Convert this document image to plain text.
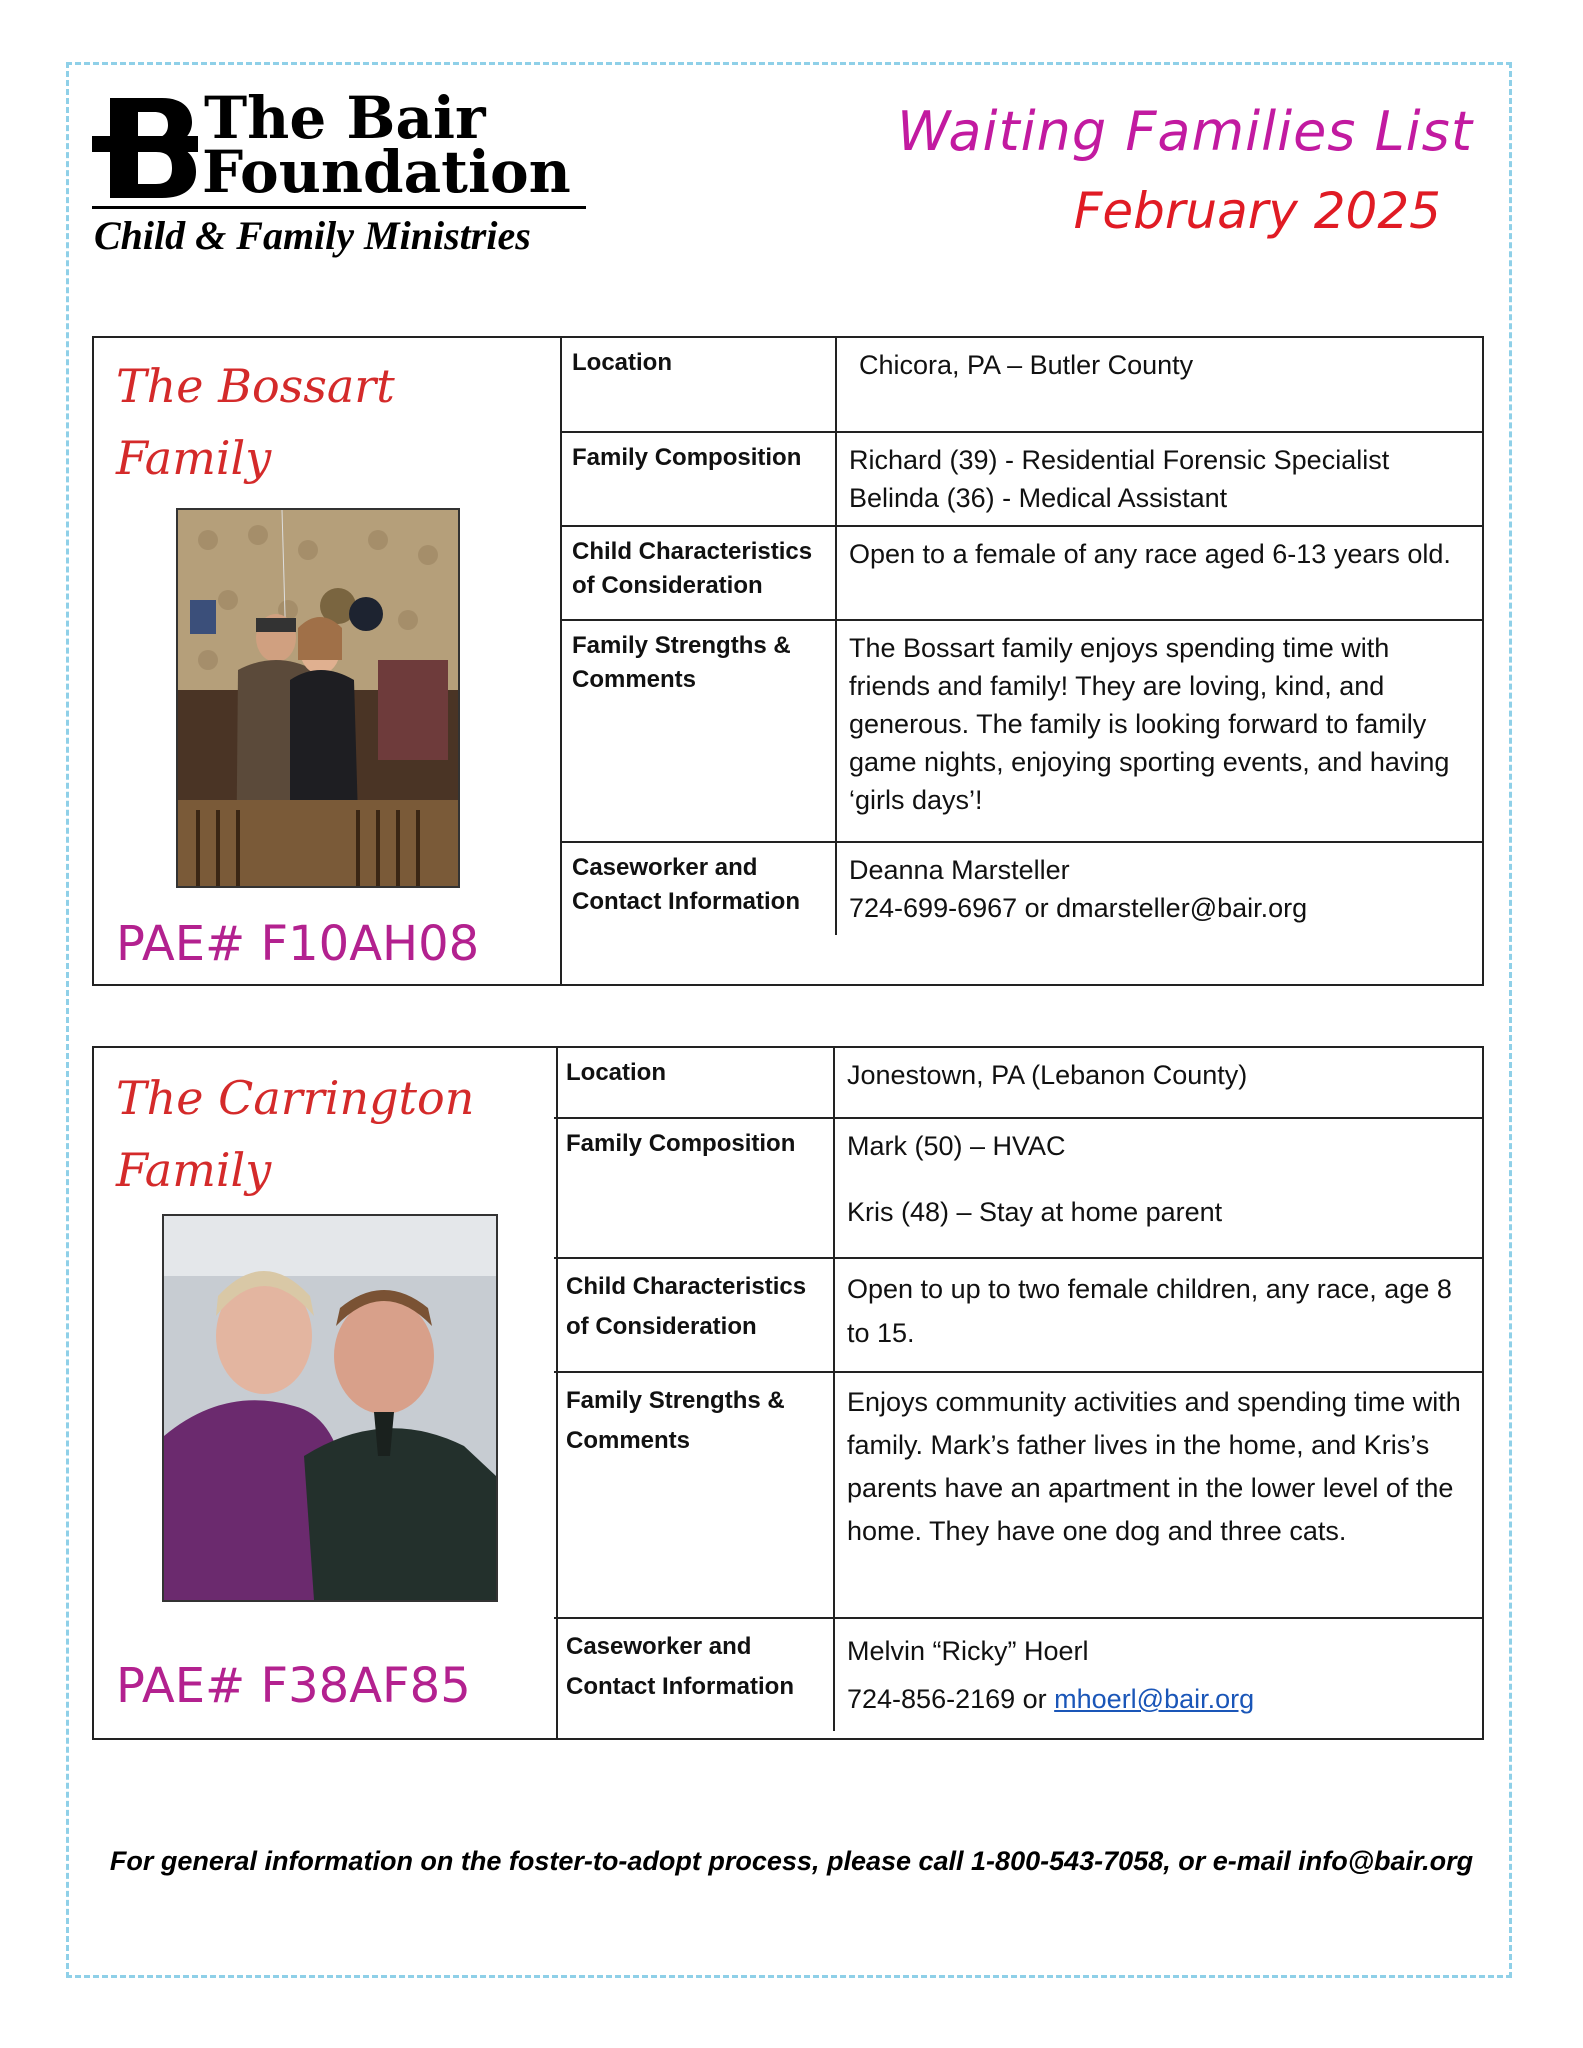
The Bair
Foundation
Child & Family Ministries
Waiting Families List
February 2025
The Bossart
Family
PAE# F10AH08
Location	Chicora, PA – Butler County

Family Composition	Richard (39) - Residential Forensic Specialist
Belinda (36) - Medical Assistant

Child Characteristics of Consideration	Open to a female of any race aged 6-13 years old.

Family Strengths & Comments	The Bossart family enjoys spending time with friends and family! They are loving, kind, and generous. The family is looking forward to family game nights, enjoying sporting events, and having ‘girls days’!

Caseworker and Contact Information	Deanna Marsteller
724-699-6967 or dmarsteller@bair.org
The Carrington
Family
PAE# F38AF85
Location	Jonestown, PA (Lebanon County)

Family Composition	Mark (50) – HVAC
Kris (48) – Stay at home parent

Child Characteristics of Consideration	Open to up to two female children, any race, age 8 to 15.

Family Strengths & Comments	Enjoys community activities and spending time with family. Mark’s father lives in the home, and Kris’s parents have an apartment in the lower level of the home. They have one dog and three cats.

Caseworker and Contact Information	Melvin “Ricky” Hoerl
724-856-2169 or mhoerl@bair.org
For general information on the foster-to-adopt process, please call 1-800-543-7058, or e-mail info@bair.org
